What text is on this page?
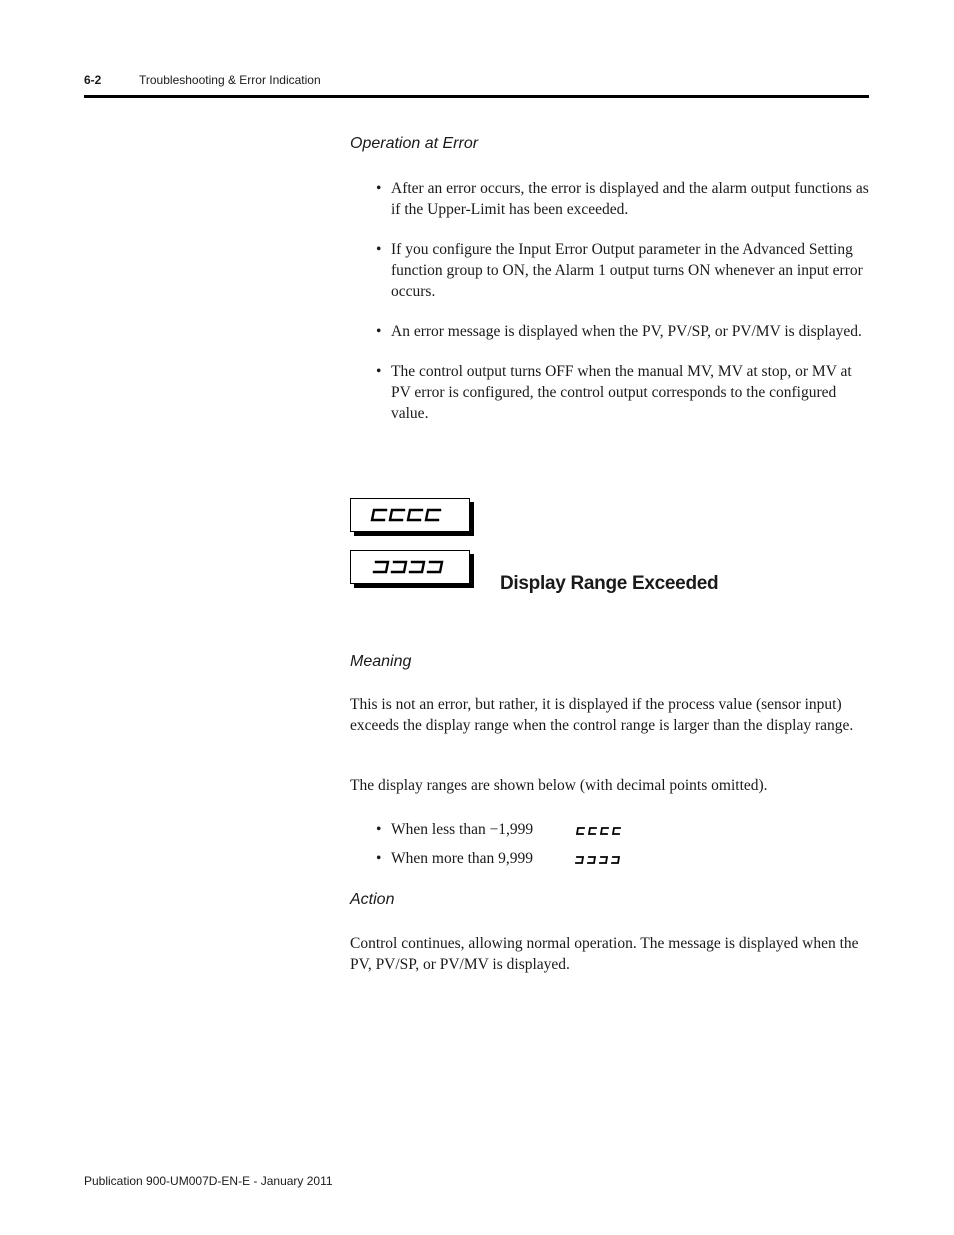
6-2	Troubleshooting & Error Indication
Operation at Error
• After an error occurs, the error is displayed and the alarm output functions as if the Upper-Limit has been exceeded.
• If you configure the Input Error Output parameter in the Advanced Setting function group to ON, the Alarm 1 output turns ON whenever an input error occurs.
• An error message is displayed when the PV, PV/SP, or PV/MV is displayed.
• The control output turns OFF when the manual MV, MV at stop, or MV at PV error is configured, the control output corresponds to the configured value.
Display Range Exceeded
Meaning
This is not an error, but rather, it is displayed if the process value (sensor input) exceeds the display range when the control range is larger than the display range.
The display ranges are shown below (with decimal points omitted).
• When less than −1,999
• When more than 9,999
Action
Control continues, allowing normal operation. The message is displayed when the PV, PV/SP, or PV/MV is displayed.
Publication 900-UM007D-EN-E - January 2011
